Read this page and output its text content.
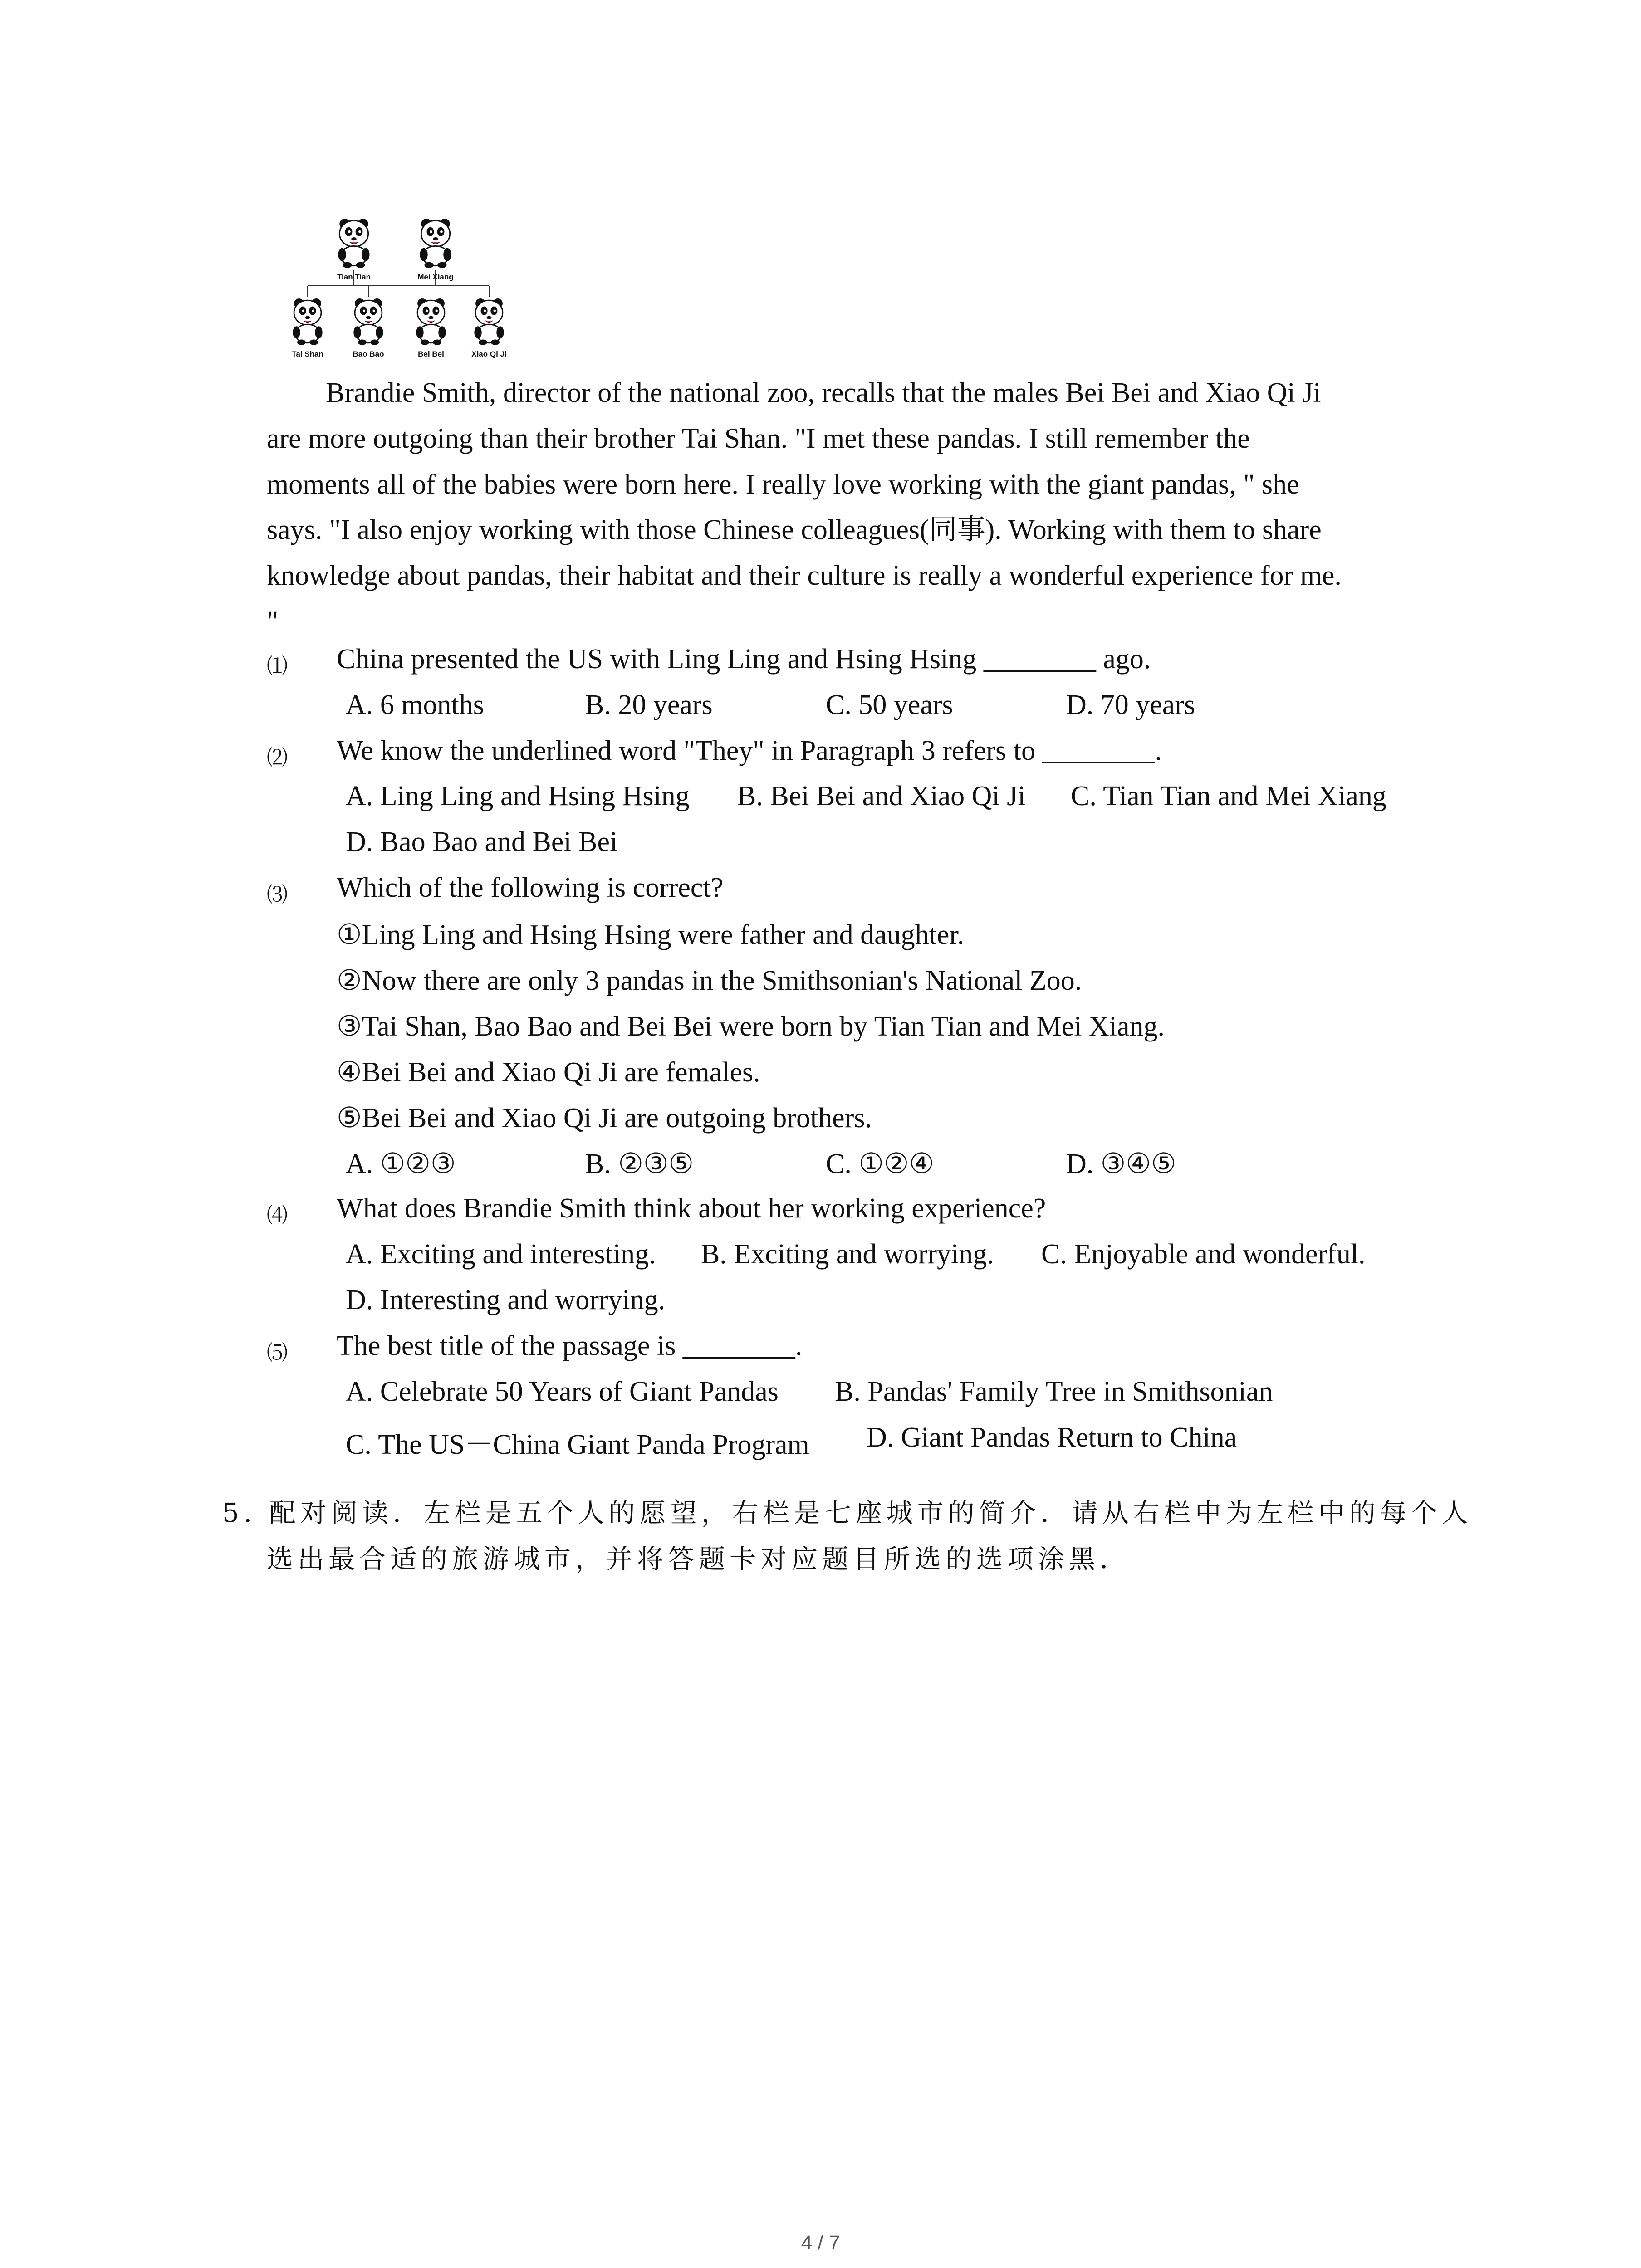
Tian Tian	Mei Xiang
Tai Shan	Bao Bao	Bei Bei	Xiao Qi Ji
Brandie Smith, director of the national zoo, recalls that the males Bei Bei and Xiao Qi Ji
are more outgoing than their brother Tai Shan. "I met these pandas. I still remember the
moments all of the babies were born here. I really love working with the giant pandas, " she
says. "I also enjoy working with those Chinese colleagues(同事). Working with them to share
knowledge about pandas, their habitat and their culture is really a wonderful experience for me.
"
⑴ China presented the US with Ling Ling and Hsing Hsing ________ ago.
A. 6 months	B. 20 years	C. 50 years	D. 70 years
⑵ We know the underlined word "They" in Paragraph 3 refers to ________.
A. Ling Ling and Hsing Hsing B. Bei Bei and Xiao Qi Ji C. Tian Tian and Mei Xiang
D. Bao Bao and Bei Bei
⑶ Which of the following is correct?
①Ling Ling and Hsing Hsing were father and daughter.
②Now there are only 3 pandas in the Smithsonian's National Zoo.
③Tai Shan, Bao Bao and Bei Bei were born by Tian Tian and Mei Xiang.
④Bei Bei and Xiao Qi Ji are females.
⑤Bei Bei and Xiao Qi Ji are outgoing brothers.
A. ①②③	B. ②③⑤	C. ①②④	D. ③④⑤
⑷ What does Brandie Smith think about her working experience?
A. Exciting and interesting. B. Exciting and worrying. C. Enjoyable and wonderful.
D. Interesting and worrying.
⑸ The best title of the passage is ________.
A. Celebrate 50 Years of Giant Pandas B. Pandas' Family Tree in Smithsonian
C. The US－China Giant Panda Program D. Giant Pandas Return to China
5. 配对阅读．左栏是五个人的愿望，右栏是七座城市的简介．请从右栏中为左栏中的每个人
选出最合适的旅游城市，并将答题卡对应题目所选的选项涂黑．
4 / 7
